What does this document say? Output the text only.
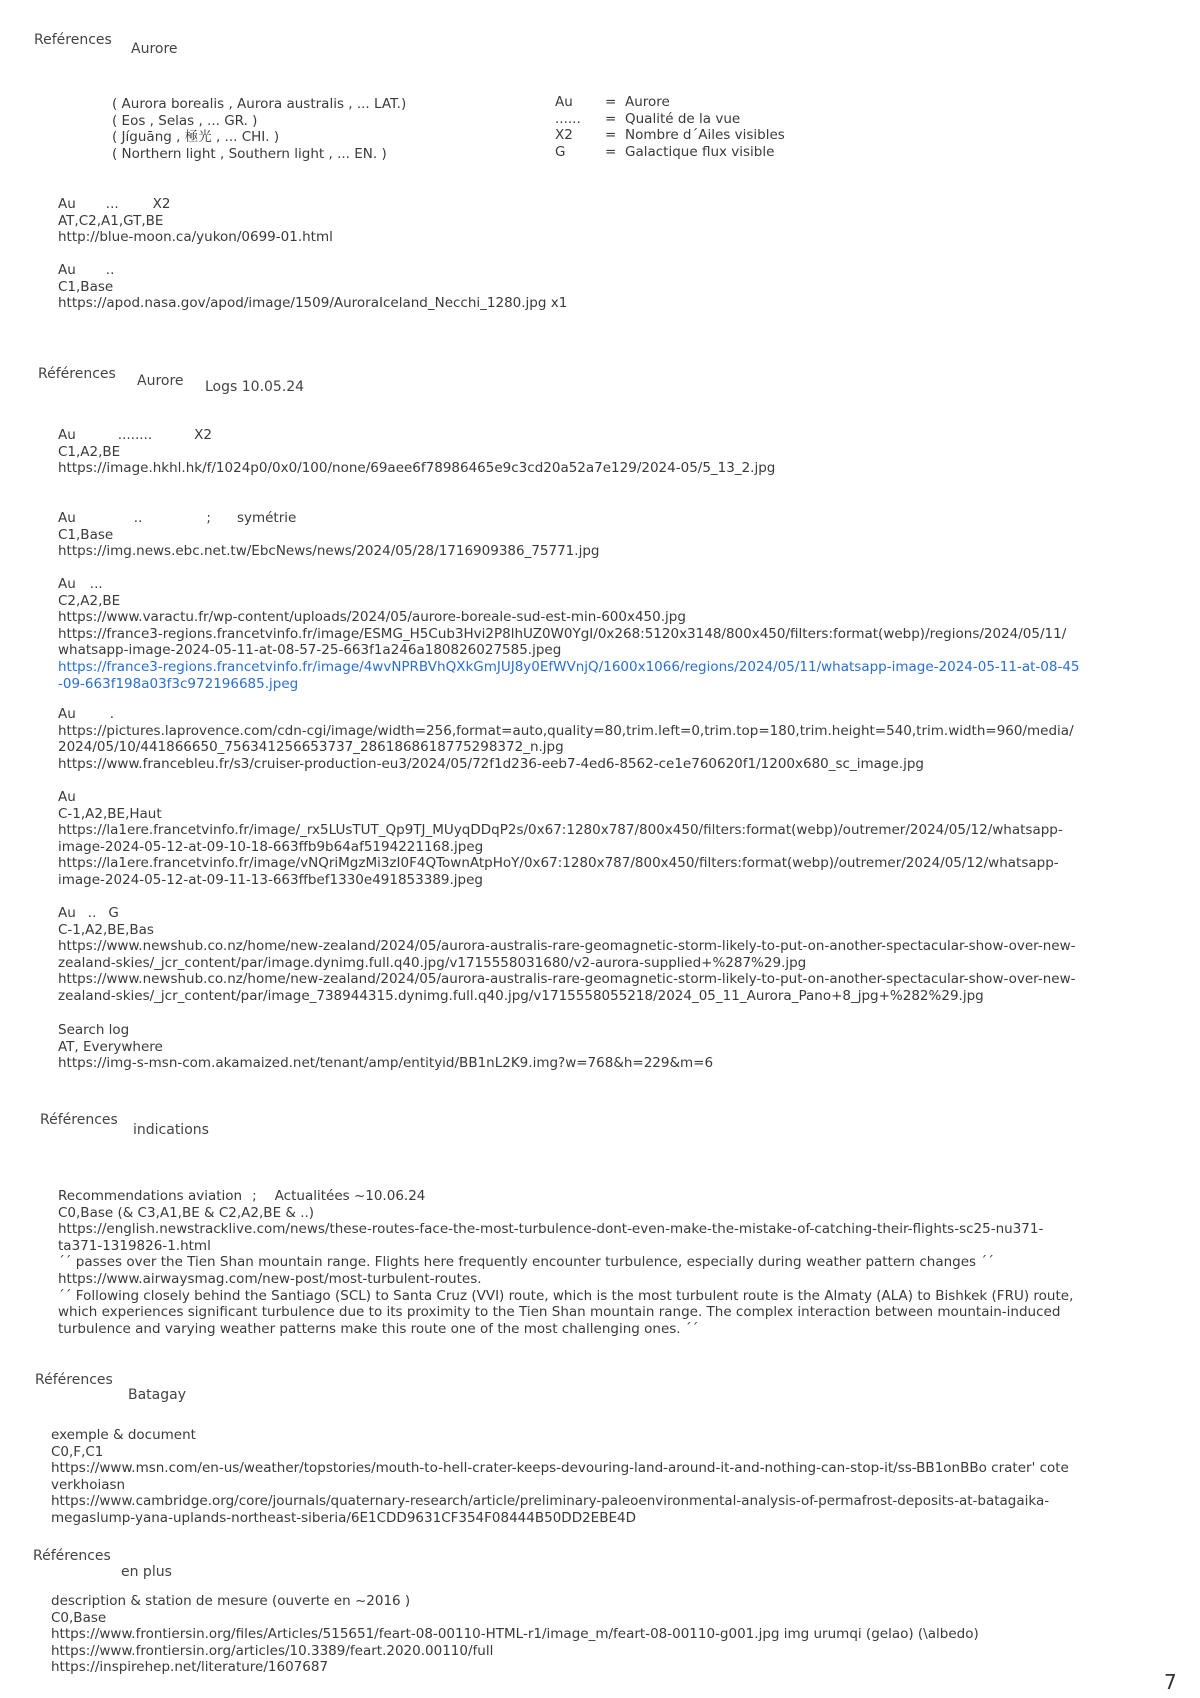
Reférences
Aurore
( Aurora borealis , Aurora australis , ... LAT.)
( Eos , Selas , ... GR. )
( Jíguāng , 極光 , ... CHI. )
( Northern light , Southern light , ... EN. )
Au	=	Aurore
......	=	Qualité de la vue
X2	=	Nombre d´Ailes visibles
G	=	Galactique flux visible
Au ...	X2
AT,C2,A1,GT,BE
http://blue-moon.ca/yukon/0699-01.html
Au ..
C1,Base
https://apod.nasa.gov/apod/image/1509/AuroraIceland_Necchi_1280.jpg x1
Références Aurore Logs 10.05.24
Au	........	X2
C1,A2,BE
https://image.hkhl.hk/f/1024p0/0x0/100/none/69aee6f78986465e9c3cd20a52a7e129/2024-05/5_13_2.jpg
Au	..	; symétrie
C1,Base
https://img.news.ebc.net.tw/EbcNews/news/2024/05/28/1716909386_75771.jpg
Au ...
C2,A2,BE
https://www.varactu.fr/wp-content/uploads/2024/05/aurore-boreale-sud-est-min-600x450.jpg
https://france3-regions.francetvinfo.fr/image/ESMG_H5Cub3Hvi2P8lhUZ0W0YgI/0x268:5120x3148/800x450/filters:format(webp)/regions/2024/05/11/
whatsapp-image-2024-05-11-at-08-57-25-663f1a246a180826027585.jpeg
https://france3-regions.francetvinfo.fr/image/4wvNPRBVhQXkGmJUJ8y0EfWVnjQ/1600x1066/regions/2024/05/11/whatsapp-image-2024-05-11-at-08-45
-09-663f198a03f3c972196685.jpeg
Au	.
https://pictures.laprovence.com/cdn-cgi/image/width=256,format=auto,quality=80,trim.left=0,trim.top=180,trim.height=540,trim.width=960/media/
2024/05/10/441866650_756341256653737_2861868618775298372_n.jpg
https://www.francebleu.fr/s3/cruiser-production-eu3/2024/05/72f1d236-eeb7-4ed6-8562-ce1e760620f1/1200x680_sc_image.jpg
Au
C-1,A2,BE,Haut
https://la1ere.francetvinfo.fr/image/_rx5LUsTUT_Qp9TJ_MUyqDDqP2s/0x67:1280x787/800x450/filters:format(webp)/outremer/2024/05/12/whatsapp-
image-2024-05-12-at-09-10-18-663ffb9b64af5194221168.jpeg
https://la1ere.francetvinfo.fr/image/vNQriMgzMi3zI0F4QTownAtpHoY/0x67:1280x787/800x450/filters:format(webp)/outremer/2024/05/12/whatsapp-
image-2024-05-12-at-09-11-13-663ffbef1330e491853389.jpeg
Au .. G
C-1,A2,BE,Bas
https://www.newshub.co.nz/home/new-zealand/2024/05/aurora-australis-rare-geomagnetic-storm-likely-to-put-on-another-spectacular-show-over-new-
zealand-skies/_jcr_content/par/image.dynimg.full.q40.jpg/v1715558031680/v2-aurora-supplied+%287%29.jpg
https://www.newshub.co.nz/home/new-zealand/2024/05/aurora-australis-rare-geomagnetic-storm-likely-to-put-on-another-spectacular-show-over-new-
zealand-skies/_jcr_content/par/image_738944315.dynimg.full.q40.jpg/v1715558055218/2024_05_11_Aurora_Pano+8_jpg+%282%29.jpg
Search log
AT, Everywhere
https://img-s-msn-com.akamaized.net/tenant/amp/entityid/BB1nL2K9.img?w=768&h=229&m=6
Références
indications
Recommendations aviation ; Actualitées ~10.06.24
C0,Base (& C3,A1,BE & C2,A2,BE & ..)
https://english.newstracklive.com/news/these-routes-face-the-most-turbulence-dont-even-make-the-mistake-of-catching-their-flights-sc25-nu371-
ta371-1319826-1.html
´´ passes over the Tien Shan mountain range. Flights here frequently encounter turbulence, especially during weather pattern changes ´´
https://www.airwaysmag.com/new-post/most-turbulent-routes.
´´ Following closely behind the Santiago (SCL) to Santa Cruz (VVI) route, which is the most turbulent route is the Almaty (ALA) to Bishkek (FRU) route,
which experiences significant turbulence due to its proximity to the Tien Shan mountain range. The complex interaction between mountain-induced
turbulence and varying weather patterns make this route one of the most challenging ones. ´´
Références
Batagay
exemple & document
C0,F,C1
https://www.msn.com/en-us/weather/topstories/mouth-to-hell-crater-keeps-devouring-land-around-it-and-nothing-can-stop-it/ss-BB1onBBo crater' cote
verkhoiasn
https://www.cambridge.org/core/journals/quaternary-research/article/preliminary-paleoenvironmental-analysis-of-permafrost-deposits-at-batagaika-
megaslump-yana-uplands-northeast-siberia/6E1CDD9631CF354F08444B50DD2EBE4D
Références
en plus
description & station de mesure (ouverte en ~2016 )
C0,Base
https://www.frontiersin.org/files/Articles/515651/feart-08-00110-HTML-r1/image_m/feart-08-00110-g001.jpg img urumqi (gelao) (\albedo)
https://www.frontiersin.org/articles/10.3389/feart.2020.00110/full
https://inspirehep.net/literature/1607687
7
